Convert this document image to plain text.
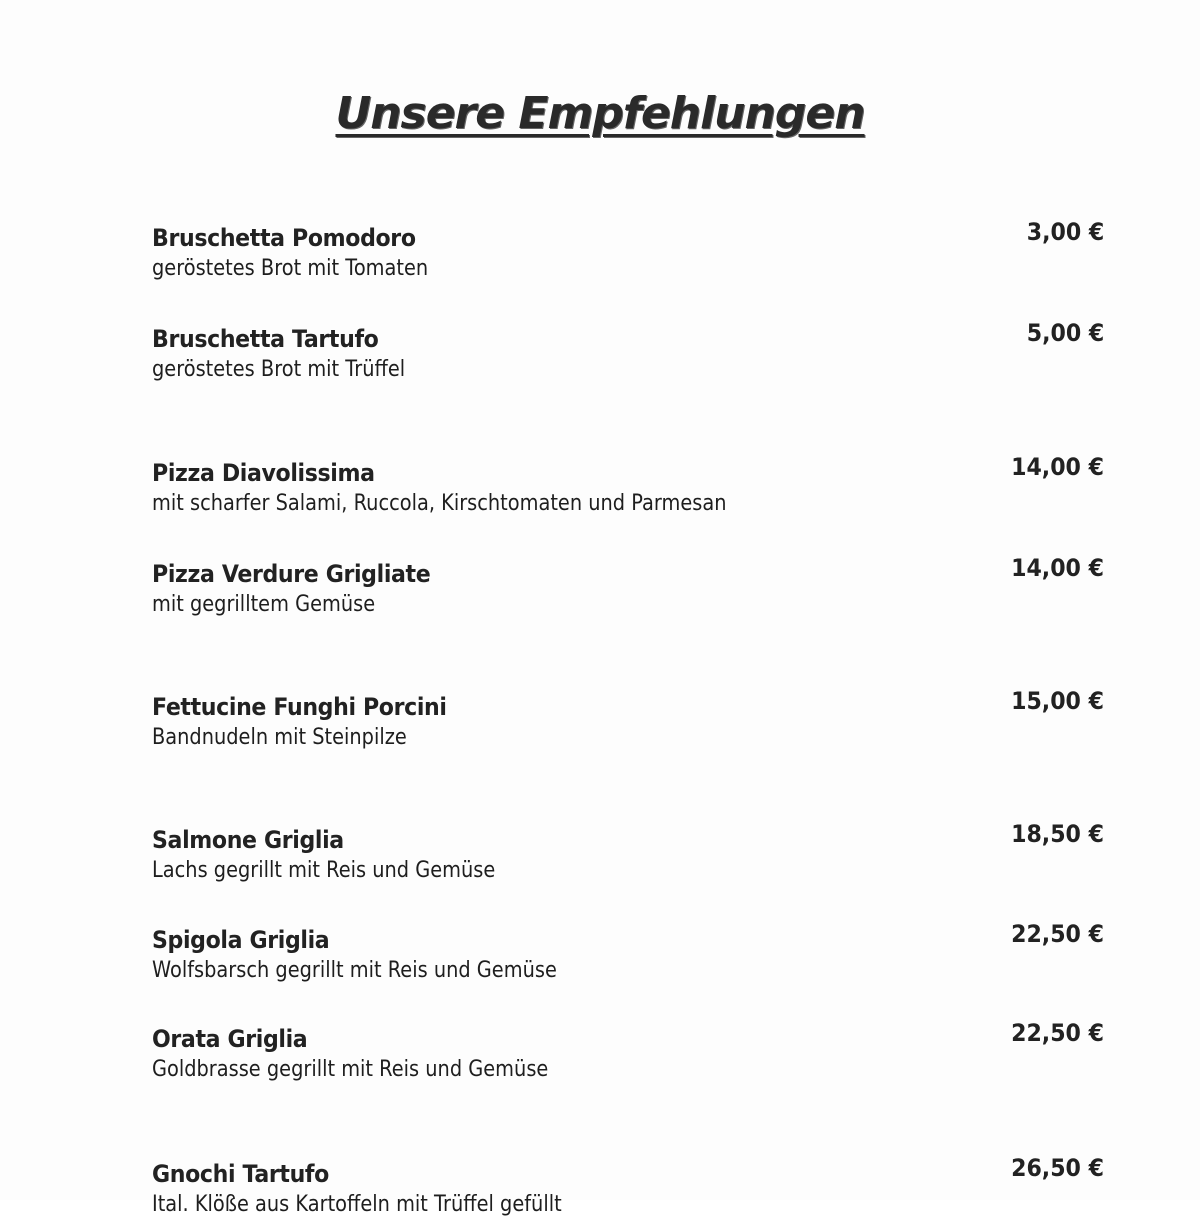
Unsere Empfehlungen
Bruschetta Pomodoro
geröstetes Brot mit Tomaten
3,00 €
Bruschetta Tartufo
geröstetes Brot mit Trüffel
5,00 €
Pizza Diavolissima
mit scharfer Salami, Ruccola, Kirschtomaten und Parmesan
14,00 €
Pizza Verdure Grigliate
mit gegrilltem Gemüse
14,00 €
Fettucine Funghi Porcini
Bandnudeln mit Steinpilze
15,00 €
Salmone Griglia
Lachs gegrillt mit Reis und Gemüse
18,50 €
Spigola Griglia
Wolfsbarsch gegrillt mit Reis und Gemüse
22,50 €
Orata Griglia
Goldbrasse gegrillt mit Reis und Gemüse
22,50 €
Gnochi Tartufo
Ital. Klöße aus Kartoffeln mit Trüffel gefüllt
26,50 €
